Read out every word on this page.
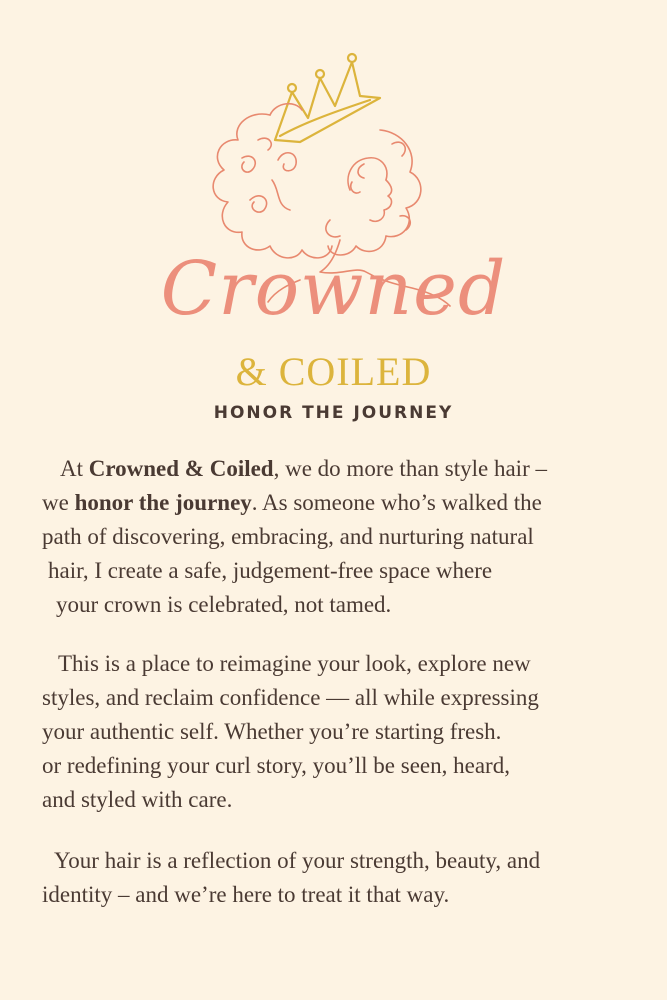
Crowned
& COILED
HONOR THE JOURNEY
At Crowned & Coiled, we do more than style hair –
we honor the journey. As someone who’s walked the
path of discovering, embracing, and nurturing natural
hair, I create a safe, judgement-free space where
your crown is celebrated, not tamed.
This is a place to reimagine your look, explore new
styles, and reclaim confidence — all while expressing
your authentic self. Whether you’re starting fresh.
or redefining your curl story, you’ll be seen, heard,
and styled with care.
Your hair is a reflection of your strength, beauty, and
identity – and we’re here to treat it that way.
